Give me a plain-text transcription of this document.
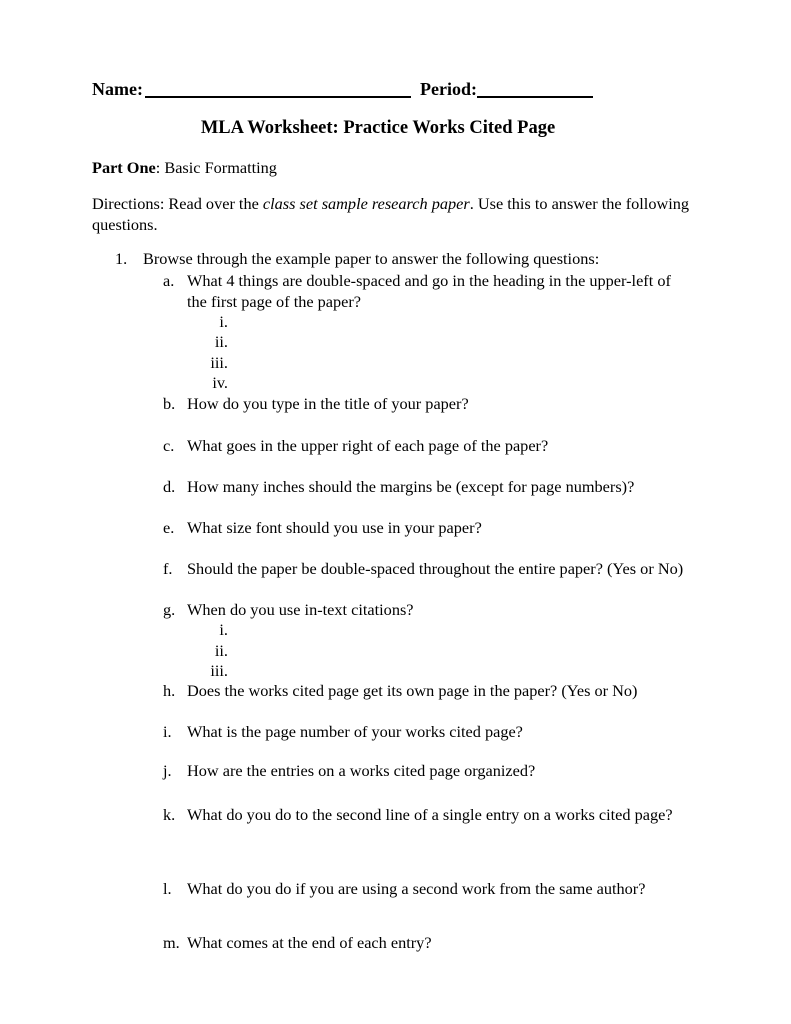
Name:	Period:
MLA Worksheet: Practice Works Cited Page
Part One: Basic Formatting
Directions: Read over the class set sample research paper. Use this to answer the following questions.
1. Browse through the example paper to answer the following questions:
a. What 4 things are double-spaced and go in the heading in the upper-left of the first page of the paper?
i.
ii.
iii.
iv.
b. How do you type in the title of your paper?
c. What goes in the upper right of each page of the paper?
d. How many inches should the margins be (except for page numbers)?
e. What size font should you use in your paper?
f. Should the paper be double-spaced throughout the entire paper? (Yes or No)
g. When do you use in-text citations?
i.
ii.
iii.
h. Does the works cited page get its own page in the paper? (Yes or No)
i. What is the page number of your works cited page?
j. How are the entries on a works cited page organized?
k. What do you do to the second line of a single entry on a works cited page?
l. What do you do if you are using a second work from the same author?
m. What comes at the end of each entry?
